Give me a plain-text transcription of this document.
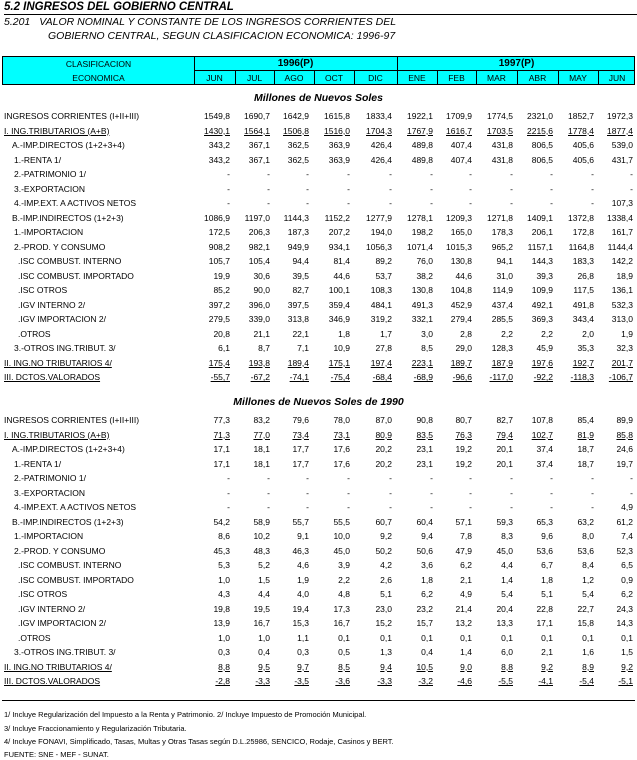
5.2 INGRESOS DEL GOBIERNO CENTRAL
5.201 VALOR NOMINAL Y CONSTANTE DE LOS INGRESOS CORRIENTES DEL
GOBIERNO CENTRAL, SEGUN CLASIFICACION ECONOMICA: 1996-97
CLASIFICACION
ECONOMICA
1996(P)	1997(P)
JUN	JUL	AGO	OCT	DIC	ENE	FEB	MAR	ABR	MAY	JUN
Millones de Nuevos Soles
INGRESOS CORRIENTES (I+II+III)	1549,8	1690,7	1642,9	1615,8	1833,4	1922,1	1709,9	1774,5	2321,0	1852,7	1972,3
I. ING.TRIBUTARIOS (A+B)	1430,1	1564,1	1506,8	1516,0	1704,3	1767,9	1616,7	1703,5	2215,6	1778,4	1877,4
A.-IMP.DIRECTOS (1+2+3+4)	343,2	367,1	362,5	363,9	426,4	489,8	407,4	431,8	806,5	405,6	539,0
1.-RENTA 1/	343,2	367,1	362,5	363,9	426,4	489,8	407,4	431,8	806,5	405,6	431,7
2.-PATRIMONIO 1/	-	-	-	-	-	-	-	-	-	-	-
3.-EXPORTACION	-	-	-	-	-	-	-	-	-	-	-
4.-IMP.EXT. A ACTIVOS NETOS	-	-	-	-	-	-	-	-	-	-	107,3
B.-IMP.INDIRECTOS (1+2+3)	1086,9	1197,0	1144,3	1152,2	1277,9	1278,1	1209,3	1271,8	1409,1	1372,8	1338,4
1.-IMPORTACION	172,5	206,3	187,3	207,2	194,0	198,2	165,0	178,3	206,1	172,8	161,7
2.-PROD. Y CONSUMO	908,2	982,1	949,9	934,1	1056,3	1071,4	1015,3	965,2	1157,1	1164,8	1144,4
.ISC COMBUST. INTERNO	105,7	105,4	94,4	81,4	89,2	76,0	130,8	94,1	144,3	183,3	142,2
.ISC COMBUST. IMPORTADO	19,9	30,6	39,5	44,6	53,7	38,2	44,6	31,0	39,3	26,8	18,9
.ISC OTROS	85,2	90,0	82,7	100,1	108,3	130,8	104,8	114,9	109,9	117,5	136,1
.IGV INTERNO 2/	397,2	396,0	397,5	359,4	484,1	491,3	452,9	437,4	492,1	491,8	532,3
.IGV IMPORTACION 2/	279,5	339,0	313,8	346,9	319,2	332,1	279,4	285,5	369,3	343,4	313,0
.OTROS	20,8	21,1	22,1	1,8	1,7	3,0	2,8	2,2	2,2	2,0	1,9
3.-OTROS ING.TRIBUT. 3/	6,1	8,7	7,1	10,9	27,8	8,5	29,0	128,3	45,9	35,3	32,3
II. ING.NO TRIBUTARIOS 4/	175,4	193,8	189,4	175,1	197,4	223,1	189,7	187,9	197,6	192,7	201,7
III. DCTOS.VALORADOS	-55,7	-67,2	-74,1	-75,4	-68,4	-68,9	-96,6	-117,0	-92,2	-118,3	-106,7
Millones de Nuevos Soles de 1990
INGRESOS CORRIENTES (I+II+III)	77,3	83,2	79,6	78,0	87,0	90,8	80,7	82,7	107,8	85,4	89,9
I. ING.TRIBUTARIOS (A+B)	71,3	77,0	73,4	73,1	80,9	83,5	76,3	79,4	102,7	81,9	85,8
A.-IMP.DIRECTOS (1+2+3+4)	17,1	18,1	17,7	17,6	20,2	23,1	19,2	20,1	37,4	18,7	24,6
1.-RENTA 1/	17,1	18,1	17,7	17,6	20,2	23,1	19,2	20,1	37,4	18,7	19,7
2.-PATRIMONIO 1/	-	-	-	-	-	-	-	-	-	-	-
3.-EXPORTACION	-	-	-	-	-	-	-	-	-	-	-
4.-IMP.EXT. A ACTIVOS NETOS	-	-	-	-	-	-	-	-	-	-	4,9
B.-IMP.INDIRECTOS (1+2+3)	54,2	58,9	55,7	55,5	60,7	60,4	57,1	59,3	65,3	63,2	61,2
1.-IMPORTACION	8,6	10,2	9,1	10,0	9,2	9,4	7,8	8,3	9,6	8,0	7,4
2.-PROD. Y CONSUMO	45,3	48,3	46,3	45,0	50,2	50,6	47,9	45,0	53,6	53,6	52,3
.ISC COMBUST. INTERNO	5,3	5,2	4,6	3,9	4,2	3,6	6,2	4,4	6,7	8,4	6,5
.ISC COMBUST. IMPORTADO	1,0	1,5	1,9	2,2	2,6	1,8	2,1	1,4	1,8	1,2	0,9
.ISC OTROS	4,3	4,4	4,0	4,8	5,1	6,2	4,9	5,4	5,1	5,4	6,2
.IGV INTERNO 2/	19,8	19,5	19,4	17,3	23,0	23,2	21,4	20,4	22,8	22,7	24,3
.IGV IMPORTACION 2/	13,9	16,7	15,3	16,7	15,2	15,7	13,2	13,3	17,1	15,8	14,3
.OTROS	1,0	1,0	1,1	0,1	0,1	0,1	0,1	0,1	0,1	0,1	0,1
3.-OTROS ING.TRIBUT. 3/	0,3	0,4	0,3	0,5	1,3	0,4	1,4	6,0	2,1	1,6	1,5
II. ING.NO TRIBUTARIOS 4/	8,8	9,5	9,7	8,5	9,4	10,5	9,0	8,8	9,2	8,9	9,2
III. DCTOS.VALORADOS	-2,8	-3,3	-3,5	-3,6	-3,3	-3,2	-4,6	-5,5	-4,1	-5,4	-5,1
1/ Incluye Regularización del Impuesto a la Renta y Patrimonio. 2/ Incluye Impuesto de Promoción Municipal.
3/ Incluye Fraccionamiento y Regularización Tributaria.
4/ Incluye FONAVI, Simplificado, Tasas, Multas y Otras Tasas según D.L.25986, SENCICO, Rodaje, Casinos y BERT.
FUENTE: SNE - MEF - SUNAT.
